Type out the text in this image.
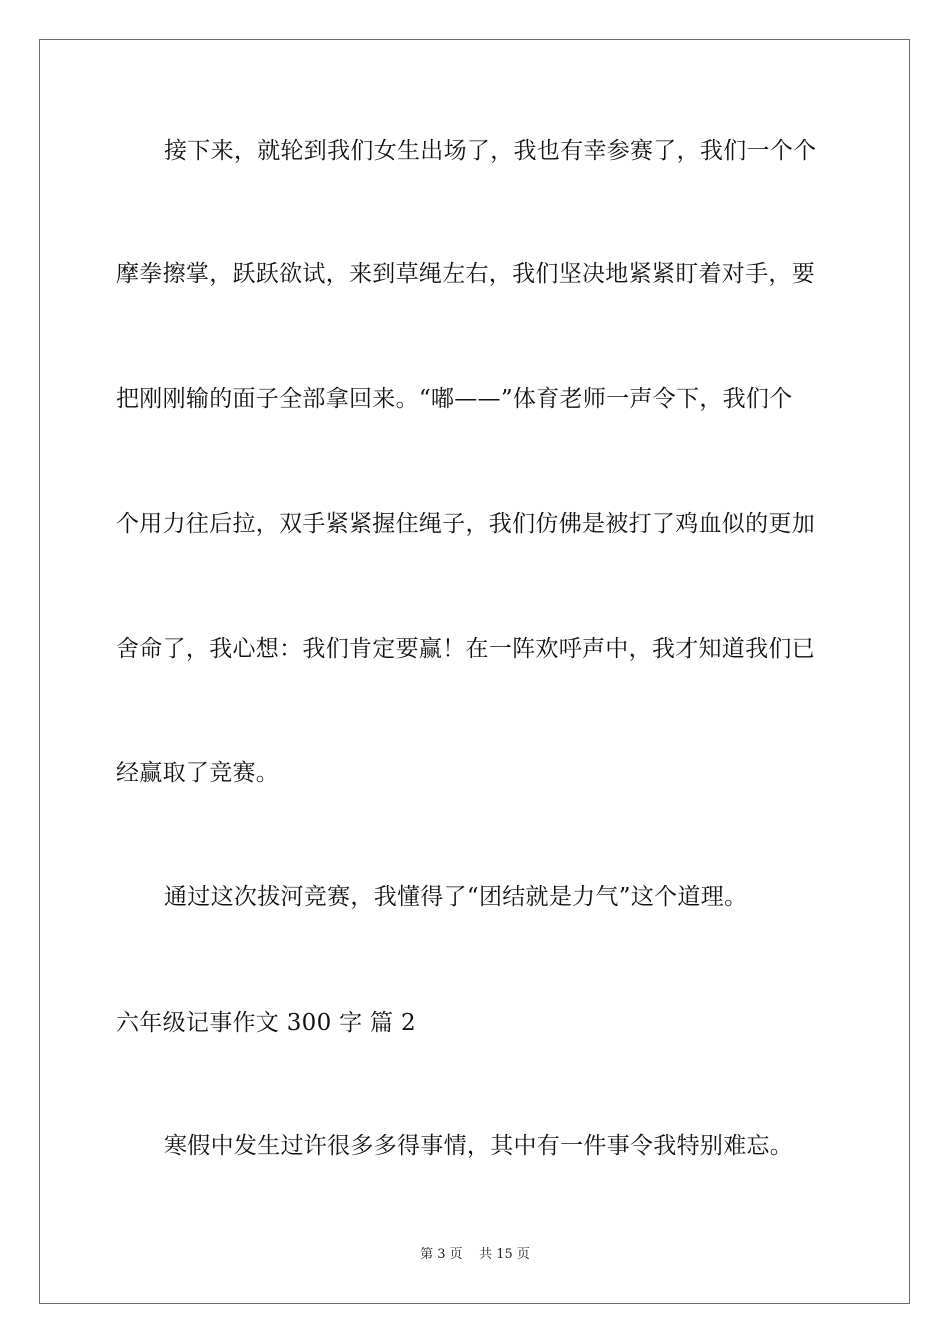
接下来，就轮到我们女生出场了，我也有幸参赛了，我们一个个
摩拳擦掌，跃跃欲试，来到草绳左右，我们坚决地紧紧盯着对手，要
把刚刚输的面子全部拿回来。“嘟——”体育老师一声令下，我们个
个用力往后拉，双手紧紧握住绳子，我们仿佛是被打了鸡血似的更加
舍命了，我心想：我们肯定要赢！在一阵欢呼声中，我才知道我们已
经赢取了竞赛。
通过这次拔河竞赛，我懂得了“团结就是力气”这个道理。
六年级记事作文 300 字 篇 2
寒假中发生过许很多多得事情，其中有一件事令我特别难忘。
第 3 页    共 15 页
